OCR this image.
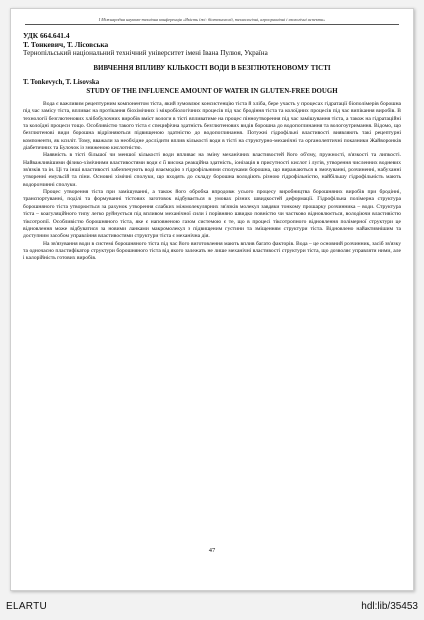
І Міжнародна науково-технічна конференція «Якість їжі: біотехнології, технологічні, агроорганічні і екологічні аспекти»
УДК 664.641.4
Т. Тонкевич, Т. Лісовська
Тернопільський національний технічний університет імені Івана Пулюя, Україна
ВИВЧЕННЯ ВПЛИВУ КІЛЬКОСТІ ВОДИ В БЕЗГЛЮТЕНОВОМУ ТІСТІ
T. Tonkevych, T. Lisovska
STUDY OF THE INFLUENCE AMOUNT OF WATER IN GLUTEN-FREE DOUGH

Вода є важливим рецептурним компонентом тіста, який зумовлює консистенцію тіста й хліба, бере участь у процесах гідратації біополімерів борошна під час замісу тіста, впливає на протікання біохімічних і мікробіологічних процесів під час бродіння тіста та колоїдних процесів під час випікання виробів. В технології безглютенових хлібобулочних виробів вміст вологи в тісті впливатиме на процес пінноутворення під час замішування тіста, а також на гідратаційні та колоїдні процеси тощо. Особливістю такого тіста є специфічна здатність безглютенових видів борошна до водопоглинання та вологоутримання. Відомо, що безглютенові види борошна відрізняються підвищеною здатністю до водопоглинання. Потужні гідрофільні властивості виявляють такі рецептурні компоненти, як ксиліт. Тому, вважали за необхідне дослідити вплив кількості води в тісті на структурно-механічні та органолептичні показники Жайворонків діабетичних та Булочок із зниженою кислотністю.

Наявність в тісті більшої чи меншої кількості води впливає на зміну механічних властивостей його об'єму, пружності, в'язкості та липкості. Найважливішими фізико-хімічними властивостями води є її висока реакційна здатність, іонізація в присутності кислот і лугів, утворення численних водневих зв'язків та ін. Ці та інші властивості забезпечують воді взаємодію з гідрофільними сполуками борошна, що виражаються в змочуванні, розчиненні, набуханні утворенні емульсій та піни. Основні хімічні сполуки, що входять до складу борошна володіють різною гідрофільністю, найбільшу гідрофільність мають водорозчинні сполуки.

Процес утворення тіста при замішуванні, а також його обробка впродовж усього процесу виробництва борошняних виробів при бродінні, транспортуванні, поділі та формуванні тістових заготовок відбувається в умовах різних швидкостей деформації. Гідрофільна полімерна структура борошняного тіста утворюється за рахунок утворення слабких міжмолекулярних зв'язків молекул завдяки тонкому прошарку розчинника – води. Структура тіста – коагуляційного типу легко руйнується під впливом механічної сили і порівняно швидко повністю чи частково відновлюється, володіючи властивістю тіксотропії. Особливістю борошняного тіста, яке є наповненою газом системою є те, що в процесі тіксотропного відновлення полімерної структури це відновлення може відбуватися за новими ланками макромолекул з підвищеним густини та зміщенням структури тіста. Відновлено найактивнішим та доступним засобом управління властивостями структури тіста є механічна дія.

На зв'язування води в системі борошняного тіста під час його виготовлення мають вплив багато факторів. Вода – це основний розчинник, засіб зв'язку та одночасно пластифікатор структури борошняного тіста від якого залежать не лише механічні властивості структури тіста, що дозволяє управляти ними, але і калорійність готових виробів.

47
ELARTU	hdl:lib/35453
